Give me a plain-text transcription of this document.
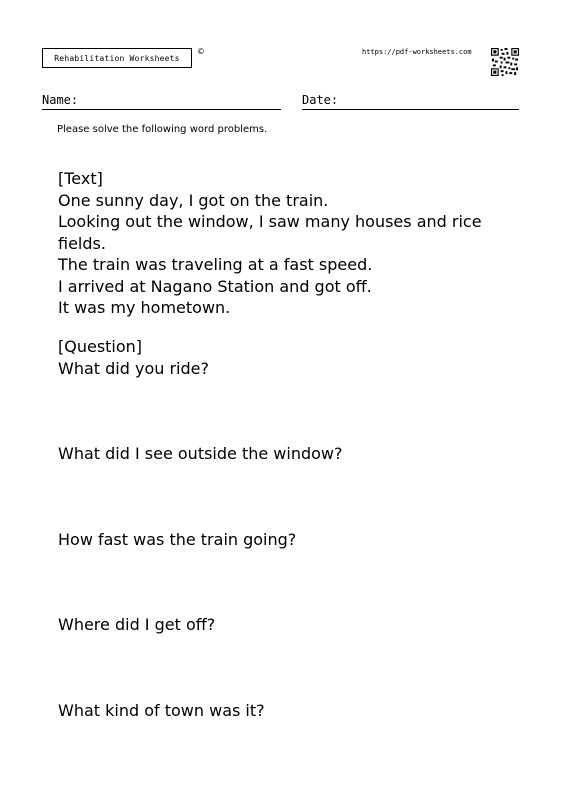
Rehabilitation Worksheets
©	https://pdf-worksheets.com
Name:	Date:
Please solve the following word problems.

[Text]

One sunny day, I got on the train.

Looking out the window, I saw many houses and rice fields.

The train was traveling at a fast speed.

I arrived at Nagano Station and got off.

It was my hometown.

[Question]
What did you ride?
What did I see outside the window?
How fast was the train going?
Where did I get off?
What kind of town was it?
